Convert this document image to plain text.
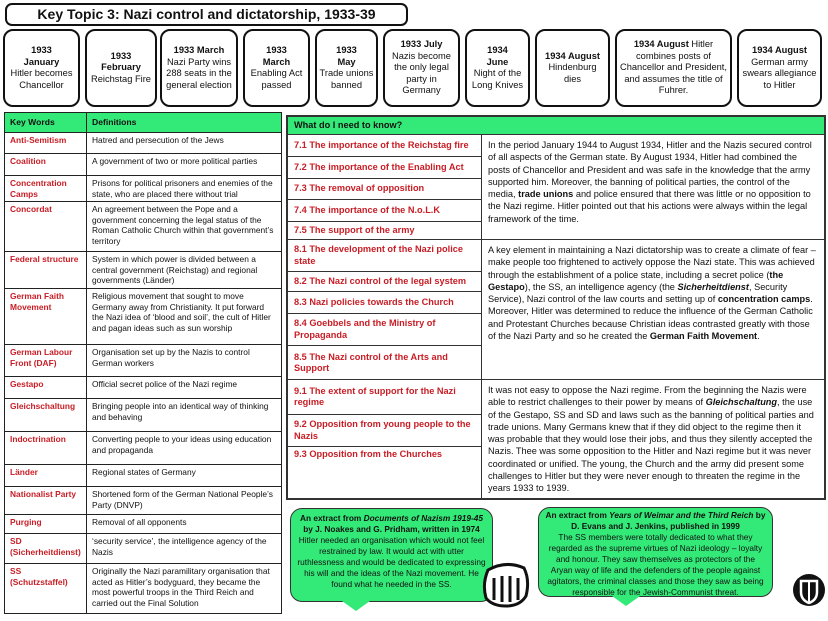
Key Topic 3: Nazi control and dictatorship, 1933-39
1933
January
Hitler becomes Chancellor
1933
February
Reichstag Fire
1933 March
Nazi Party wins 288 seats in the general election
1933
March
Enabling Act passed
1933
May
Trade unions banned
1933 July
Nazis become the only legal party in Germany
1934
June
Night of the Long Knives
1934 August
Hindenburg dies
1934 August Hitler combines posts of Chancellor and President, and assumes the title of Fuhrer.
1934 August
German army swears allegiance to Hitler
Key Words	Definitions
Anti-Semitism	Hatred and persecution of the Jews
Coalition	A government of two or more political parties
Concentration Camps	Prisons for political prisoners and enemies of the state, who are placed there without trial
Concordat	An agreement between the Pope and a government concerning the legal status of the Roman Catholic Church within that government’s territory
Federal structure	System in which power is divided between a central government (Reichstag) and regional governments (Länder)
German Faith Movement	Religious movement that sought to move Germany away from Christianity. It put forward the Nazi idea of ‘blood and soil’, the cult of Hitler and pagan ideas such as sun worship
German Labour Front (DAF)	Organisation set up by the Nazis to control German workers
Gestapo	Official secret police of the Nazi regime
Gleichschaltung	Bringing people into an identical way of thinking and behaving
Indoctrination	Converting people to your ideas using education and propaganda
Länder	Regional states of Germany
Nationalist Party	Shortened form of the German National People’s Party (DNVP)
Purging	Removal of all opponents
SD (Sicherheitdienst)	‘security service’, the intelligence agency of the Nazis
SS (Schutzstaffel)	Originally the Nazi paramilitary organisation that acted as Hitler’s bodyguard, they became the most powerful troops in the Third Reich and carried out the Final Solution
What do I need to know?
7.1 The importance of the Reichstag fire
7.2 The importance of the Enabling Act
7.3 The removal of opposition
7.4 The importance of the N.o.L.K
7.5 The support of the army
In the period January 1944 to August 1934, Hitler and the Nazis secured control of all aspects of the German state. By August 1934, Hitler had combined the posts of Chancellor and President and was safe in the knowledge that the army supported him. Moreover, the banning of political parties, the control of the media, trade unions and police ensured that there was little or no opposition to the Nazi regime. Hitler pointed out that his actions were always within the legal framework of the time.
8.1 The development of the Nazi police state
8.2 The Nazi control of the legal system
8.3 Nazi policies towards the Church
8.4 Goebbels and the Ministry of Propaganda
8.5 The Nazi control of the Arts and Support
A key element in maintaining a Nazi dictatorship was to create a climate of fear – make people too frightened to actively oppose the Nazi state. This was achieved through the establishment of a police state, including a secret police (the Gestapo), the SS, an intelligence agency (the Sicherheitdienst, Security Service), Nazi control of the law courts and setting up of concentration camps. Moreover, Hitler was determined to reduce the influence of the German Catholic and Protestant Churches because Christian ideas contrasted greatly with those of the Nazi Party and so he created the German Faith Movement.
9.1 The extent of support for the Nazi regime
9.2 Opposition from young people to the Nazis
9.3 Opposition from the Churches
It was not easy to oppose the Nazi regime. From the beginning the Nazis were able to restrict challenges to their power by means of Gleichschaltung, the use of the Gestapo, SS and SD and laws such as the banning of political parties and trade unions. Many Germans knew that if they did object to the regime then it was probable that they would lose their jobs, and thus they silently accepted the Nazis. Thee was some opposition to the Hitler and Nazi regime but it was never coordinated or unified. The young, the Church and the army did present some challenges to Hitler but they were never enough to threaten the regime in the years 1933 to 1939.
An extract from Documents of Nazism 1919-45 by J. Noakes and G. Pridham, written in 1974
Hitler needed an organisation which would not feel restrained by law. It would act with utter ruthlessness and would be dedicated to expressing his will and the ideas of the Nazi movement. He found what he needed in the SS.
An extract from Years of Weimar and the Third Reich by D. Evans and J. Jenkins, published in 1999
The SS members were totally dedicated to what they regarded as the supreme virtues of Nazi ideology – loyalty and honour. They saw themselves as protectors of the Aryan way of life and the defenders of the people against agitators, the criminal classes and those they saw as being responsible for the Jewish-Communist threat.
